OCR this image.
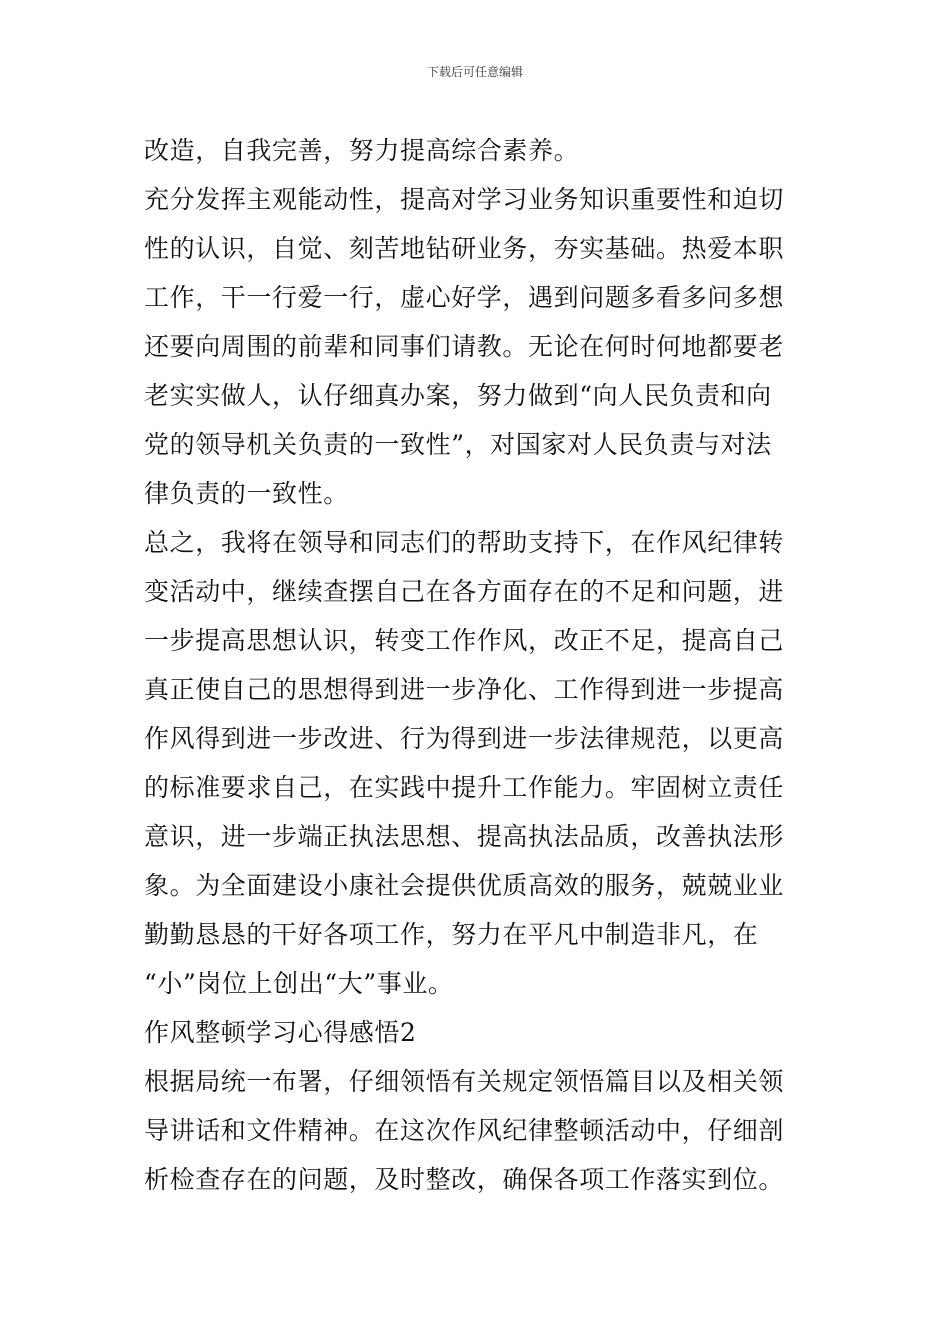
下载后可任意编辑
改造，自我完善，努力提高综合素养。
充分发挥主观能动性，提高对学习业务知识重要性和迫切
性的认识，自觉、刻苦地钻研业务，夯实基础。热爱本职
工作，干一行爱一行，虚心好学，遇到问题多看多问多想
还要向周围的前辈和同事们请教。无论在何时何地都要老
老实实做人，认仔细真办案，努力做到“向人民负责和向
党的领导机关负责的一致性”，对国家对人民负责与对法
律负责的一致性。
总之，我将在领导和同志们的帮助支持下，在作风纪律转
变活动中，继续查摆自己在各方面存在的不足和问题，进
一步提高思想认识，转变工作作风，改正不足，提高自己
真正使自己的思想得到进一步净化、工作得到进一步提高
作风得到进一步改进、行为得到进一步法律规范，以更高
的标准要求自己，在实践中提升工作能力。牢固树立责任
意识，进一步端正执法思想、提高执法品质，改善执法形
象。为全面建设小康社会提供优质高效的服务，兢兢业业
勤勤恳恳的干好各项工作，努力在平凡中制造非凡，在
“小”岗位上创出“大”事业。
作风整顿学习心得感悟2
根据局统一布署，仔细领悟有关规定领悟篇目以及相关领
导讲话和文件精神。在这次作风纪律整顿活动中，仔细剖
析检查存在的问题，及时整改，确保各项工作落实到位。
